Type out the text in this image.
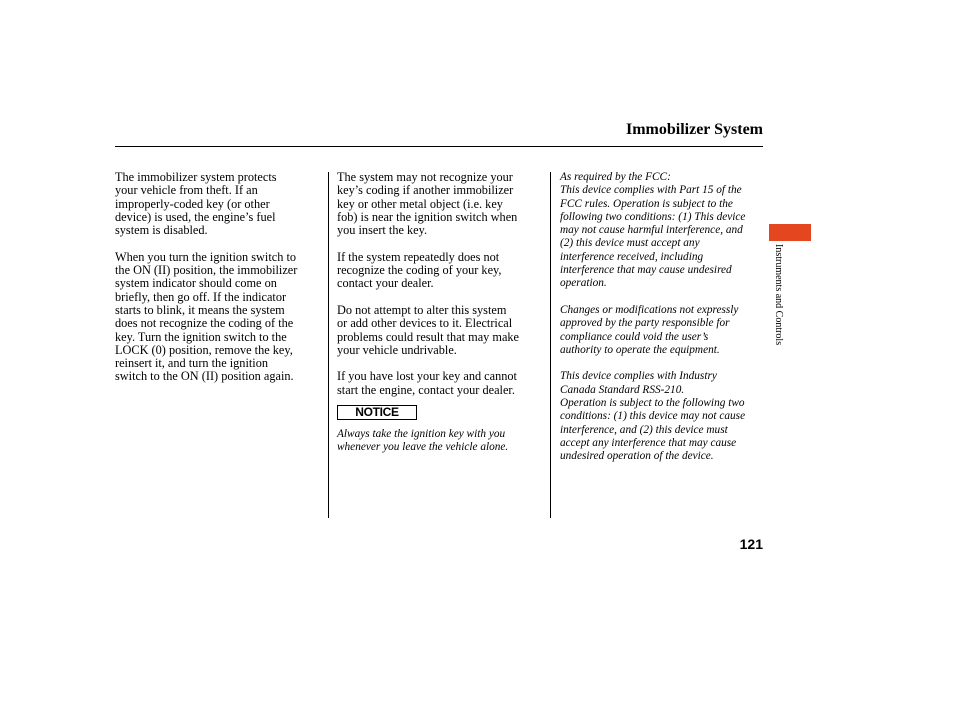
Immobilizer System

The immobilizer system protects
your vehicle from theft. If an
improperly-coded key (or other
device) is used, the engine’s fuel
system is disabled.

When you turn the ignition switch to
the ON (II) position, the immobilizer
system indicator should come on
briefly, then go off. If the indicator
starts to blink, it means the system
does not recognize the coding of the
key. Turn the ignition switch to the
LOCK (0) position, remove the key,
reinsert it, and turn the ignition
switch to the ON (II) position again.

The system may not recognize your
key’s coding if another immobilizer
key or other metal object (i.e. key
fob) is near the ignition switch when
you insert the key.

If the system repeatedly does not
recognize the coding of your key,
contact your dealer.

Do not attempt to alter this system
or add other devices to it. Electrical
problems could result that may make
your vehicle undrivable.

If you have lost your key and cannot
start the engine, contact your dealer.

NOTICE

Always take the ignition key with you
whenever you leave the vehicle alone.

As required by the FCC:
This device complies with Part 15 of the
FCC rules. Operation is subject to the
following two conditions: (1) This device
may not cause harmful interference, and
(2) this device must accept any
interference received, including
interference that may cause undesired
operation.

Changes or modifications not expressly
approved by the party responsible for
compliance could void the user’s
authority to operate the equipment.

This device complies with Industry
Canada Standard RSS-210.
Operation is subject to the following two
conditions: (1) this device may not cause
interference, and (2) this device must
accept any interference that may cause
undesired operation of the device.

Instruments and Controls
121
